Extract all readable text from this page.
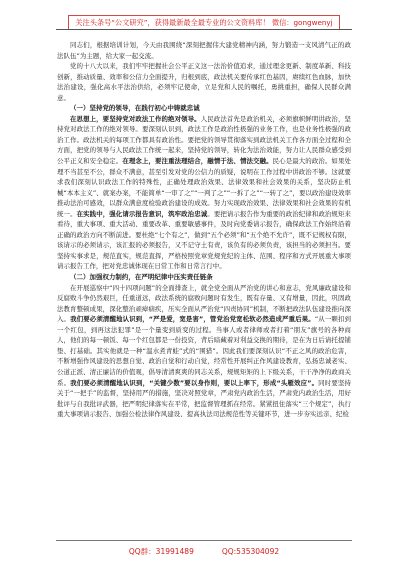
关注头条号“公文研究”，获得最新最全最专业的公文资料库！ 微信：gongwenyj

同志们，根据培训计划，今天由我围绕“深刻把握伟大建党精神内涵，努力锻造一支风清气正的政法队伍”为主题，给大家一起交流。

党的十八大以来，我们牢牢把握社会公平正义这一法治价值追求，通过理念更新、制度革新、科技创新，推动质量、效率和公信力全面提升，归根到底，政法机关要传承红色基因，赓续红色血脉，加快法治建设，强化高水平法治供给，必须牢记使命，立足党和人民的嘱托，勇挑重担，确保人民群众满意。

（一）坚持党的领导，在践行初心中铸就忠诚

在思想上，要坚持党对政法工作的绝对领导。人民政法首先是政治机关，必须旗帜鲜明讲政治，坚持党对政法工作的绝对领导。要深刻认识到，政法工作是政治性极强的业务工作，也是业务性极强的政治工作。政法机关的每项工作都具有政治性。要把党的领导贯彻落实到政法机关工作各方面全过程和全方面，把党的领导与人民政法工作统一起来，坚持党的领导，转化为法治效能，努力让人民群众感受到公平正义和安全稳定。在理念上，要注重法理结合，融情于法、情法交融。民心是最大的政治。如果处理不当甚至不公，群众不满意，甚至引发对党的公信力的质疑，说明在工作过程中讲政治不够。这就要求我们深刻认识政法工作的特殊性，正确处理政治效果、法律效果和社会效果的关系，坚决防止机械“本本主义”、就案办案，不能简单“一审了之”“一判了之”“一拆了之”“一转了之”，要以政治建设效率推动法治可感效，以群众满意度检验政治建设的成效。努力实现政治效果、法律效果和社会效果的有机统一。在实践中，强化请示报告意识，筑牢政治忠诚。要把请示报告作为重要的政治纪律和政治规矩来看待，重大事项、重大活动、重要改革、重要敏感事件，及时向党委请示报告，确保政法工作始终沿着正确的政治方向不断前进。要杜绝“七个有之”，做到“五个必须”和“五个绝不允许”，既不记规权有限，该请示的必须请示，该汇报的必须报告，又不记守土有责，该负有的必须负责，该担当的必须担当。要坚持实事求是，规范直实，规范直挥，严格按照党章党规党纪的主体、范围、程序和方式开展重大事项请示报告工作，把对党忠诚体现在日常工作和日常言行中。

（二）加强权力制约，在严明纪律中压实责任链条

在开展巡察中“四十四项问题”的全面排查上，就全党全面从严治党的讲心和意志，党风廉政建设和反腐败斗争仍然艰巨，任重道远，政法系统的腐败问题时有发生，既有存量、又有增量，因此，巩固政法教育整顿成果，深化整治顽瘴痼疾，压实全面从严治党“四责协同”机制，不断把政法队伍建设推向深入。我们要必须清醒地认识到，“严是爱，宽是害”，管党治党宽松软必然造成严重后果。“从一颗扣到一个红包，到再这法犯罪”是一个量变到质变的过程。当事人或者律师或者打着“朋友”旗号的各种商人，他们的每一顿饭、每一个红包都是一份投资，背后暗藏着对利益交换的期待，是在为日后请托提铺垫、打基础。其实他就是一种“温水煮青蛙”式的“围猎”。因此我们要深刻认识“不正之风的政治危害，不断增强作风建设的思想自觉、政治自觉和行动自觉，经常性开展纠正作风建设教育，弘扬忠诚老实、公道正派、清正廉洁的价值观，倡导清清爽爽的同志关系，规规矩矩的上下级关系，干干净净的政商关系。我们要必须清醒地认识到，“关键少数”要以身作则，要以上率下，形成“头雁效应”。同时要坚持关于“一把手”的监督，坚持用严的措施，坚决对照党章，严肃党内政治生活，严肃党内政治生活，用好批评与自我批评武器，把严明纪律落实在平常，把监督管理抓在经常。紧紧扭住落实“三个规定”，执行重大事项请示报告、加强公检法律作风建设、提高执法司法规范性等关键环节，进一步夯实远亲、纪检

QQ群：31991489	QQ:535304092
